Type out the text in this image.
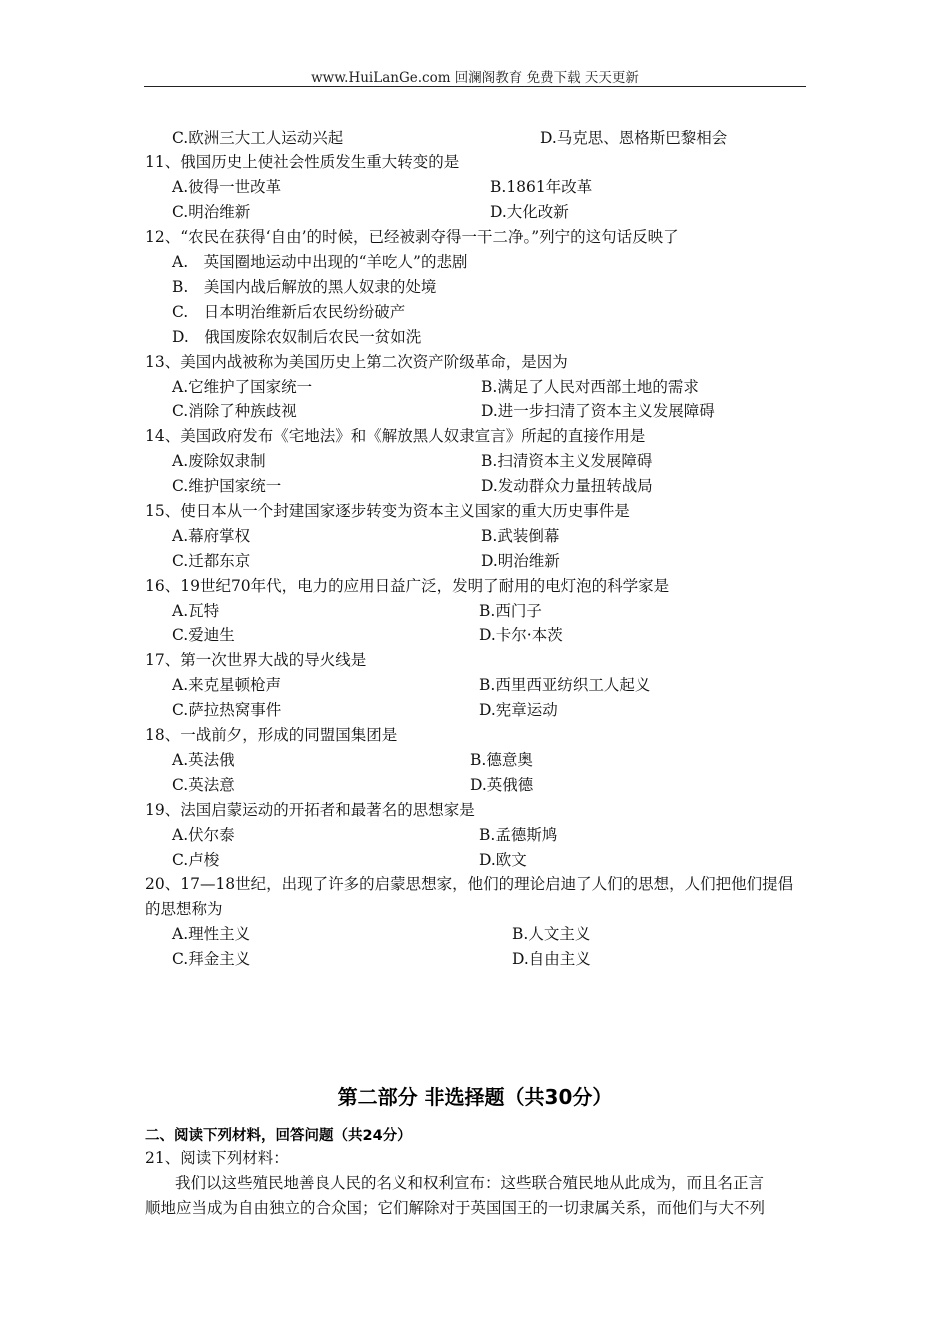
www.HuiLanGe.com 回澜阁教育 免费下载 天天更新
C.欧洲三大工人运动兴起	D.马克思、恩格斯巴黎相会
11、俄国历史上使社会性质发生重大转变的是
A.彼得一世改革	B.1861年改革
C.明治维新	D.大化改新
12、“农民在获得‘自由’的时候，已经被剥夺得一干二净。”列宁的这句话反映了
A.　英国圈地运动中出现的“羊吃人”的悲剧
B.　美国内战后解放的黑人奴隶的处境
C.　日本明治维新后农民纷纷破产
D.　俄国废除农奴制后农民一贫如洗
13、美国内战被称为美国历史上第二次资产阶级革命，是因为
A.它维护了国家统一	B.满足了人民对西部土地的需求
C.消除了种族歧视	D.进一步扫清了资本主义发展障碍
14、美国政府发布《宅地法》和《解放黑人奴隶宣言》所起的直接作用是
A.废除奴隶制	B.扫清资本主义发展障碍
C.维护国家统一	D.发动群众力量扭转战局
15、使日本从一个封建国家逐步转变为资本主义国家的重大历史事件是
A.幕府掌权	B.武装倒幕
C.迁都东京	D.明治维新
16、19世纪70年代，电力的应用日益广泛，发明了耐用的电灯泡的科学家是
A.瓦特	B.西门子
C.爱迪生	D.卡尔·本茨
17、第一次世界大战的导火线是
A.来克星顿枪声	B.西里西亚纺织工人起义
C.萨拉热窝事件	D.宪章运动
18、一战前夕，形成的同盟国集团是
A.英法俄	B.德意奥
C.英法意	D.英俄德
19、法国启蒙运动的开拓者和最著名的思想家是
A.伏尔泰	B.孟德斯鸠
C.卢梭	D.欧文
20、17—18世纪，出现了许多的启蒙思想家，他们的理论启迪了人们的思想，人们把他们提倡
的思想称为
A.理性主义	B.人文主义
C.拜金主义	D.自由主义
21、阅读下列材料：
我们以这些殖民地善良人民的名义和权利宣布：这些联合殖民地从此成为，而且名正言
顺地应当成为自由独立的合众国；它们解除对于英国国王的一切隶属关系，而他们与大不列
第二部分 非选择题（共30分）
二、阅读下列材料，回答问题（共24分）
